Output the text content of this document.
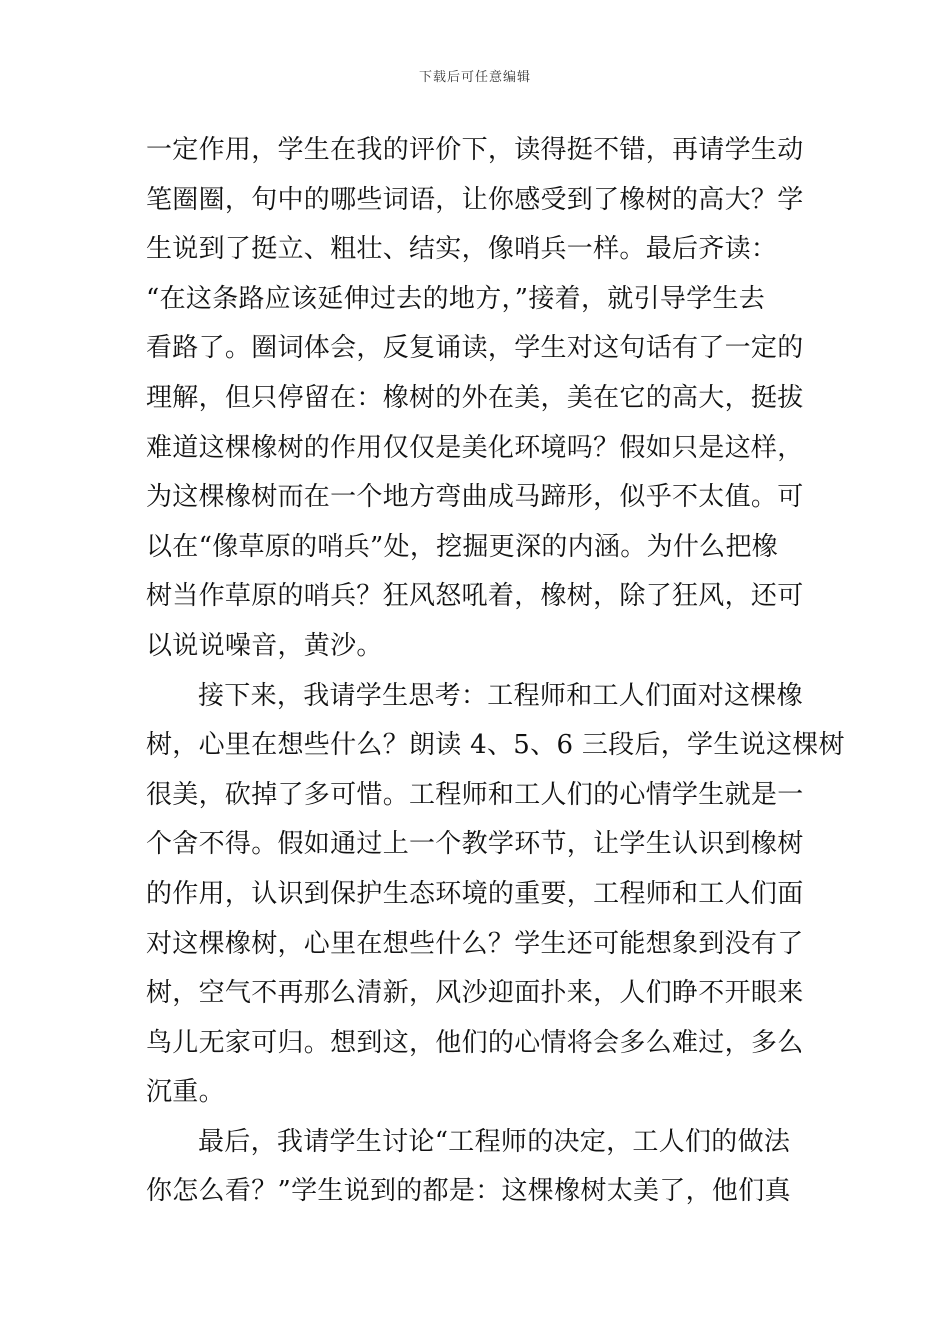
下载后可任意编辑
一定作用，学生在我的评价下，读得挺不错，再请学生动
笔圈圈，句中的哪些词语，让你感受到了橡树的高大？学
生说到了挺立、粗壮、结实，像哨兵一样。最后齐读：
“在这条路应该延伸过去的地方，”接着，就引导学生去
看路了。圈词体会，反复诵读，学生对这句话有了一定的
理解，但只停留在：橡树的外在美，美在它的高大，挺拔
难道这棵橡树的作用仅仅是美化环境吗？假如只是这样，
为这棵橡树而在一个地方弯曲成马蹄形，似乎不太值。可
以在“像草原的哨兵”处，挖掘更深的内涵。为什么把橡
树当作草原的哨兵？狂风怒吼着，橡树，除了狂风，还可
以说说噪音，黄沙。
接下来，我请学生思考：工程师和工人们面对这棵橡
树，心里在想些什么？朗读 4、5、6 三段后，学生说这棵树
很美，砍掉了多可惜。工程师和工人们的心情学生就是一
个舍不得。假如通过上一个教学环节，让学生认识到橡树
的作用，认识到保护生态环境的重要，工程师和工人们面
对这棵橡树，心里在想些什么？学生还可能想象到没有了
树，空气不再那么清新，风沙迎面扑来，人们睁不开眼来
鸟儿无家可归。想到这，他们的心情将会多么难过，多么
沉重。
最后，我请学生讨论“工程师的决定，工人们的做法
你怎么看？”学生说到的都是：这棵橡树太美了，他们真
